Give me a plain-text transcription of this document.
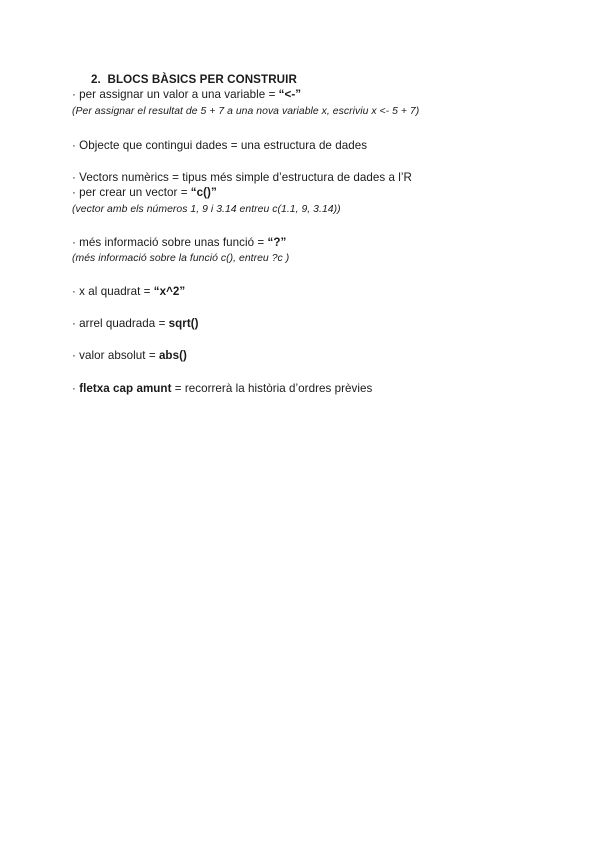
2. BLOCS BÀSICS PER CONSTRUIR
· per assignar un valor a una variable = “<-”
(Per assignar el resultat de 5 + 7 a una nova variable x, escriviu x <- 5 + 7)
· Objecte que contingui dades = una estructura de dades
· Vectors numèrics = tipus més simple d’estructura de dades a l’R
· per crear un vector = “c()”
(vector amb els números 1, 9 i 3.14 entreu c(1.1, 9, 3.14))
· més informació sobre unas funció = “?”
(més informació sobre la funció c(), entreu ?c )
· x al quadrat = “x^2”
· arrel quadrada = sqrt()
· valor absolut = abs()
· fletxa cap amunt = recorrerà la història d’ordres prèvies
